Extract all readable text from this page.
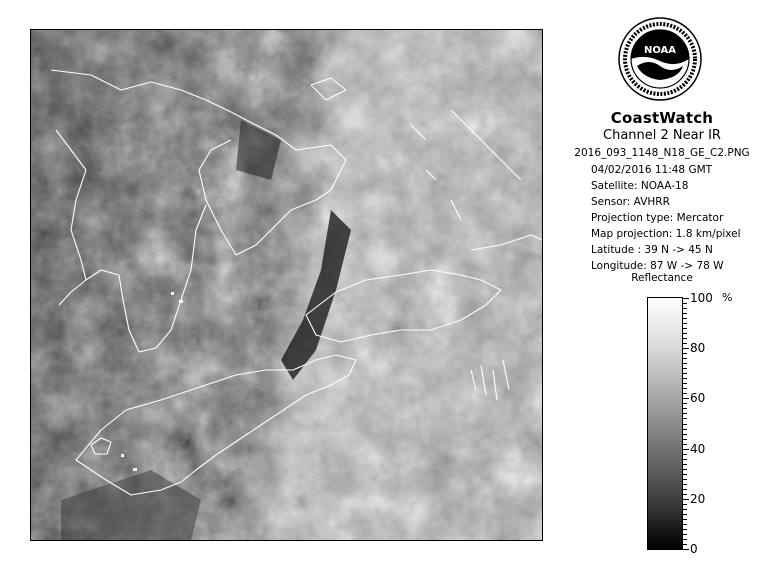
NOAA
CoastWatch
Channel 2 Near IR
2016_093_1148_N18_GE_C2.PNG
04/02/2016 11:48 GMT
Satellite: NOAA-18
Sensor: AVHRR
Projection type: Mercator
Map projection: 1.8 km/pixel
Latitude : 39 N -> 45 N
Longitude: 87 W -> 78 W
Reflectance
%
100
80
60
40
20
0
